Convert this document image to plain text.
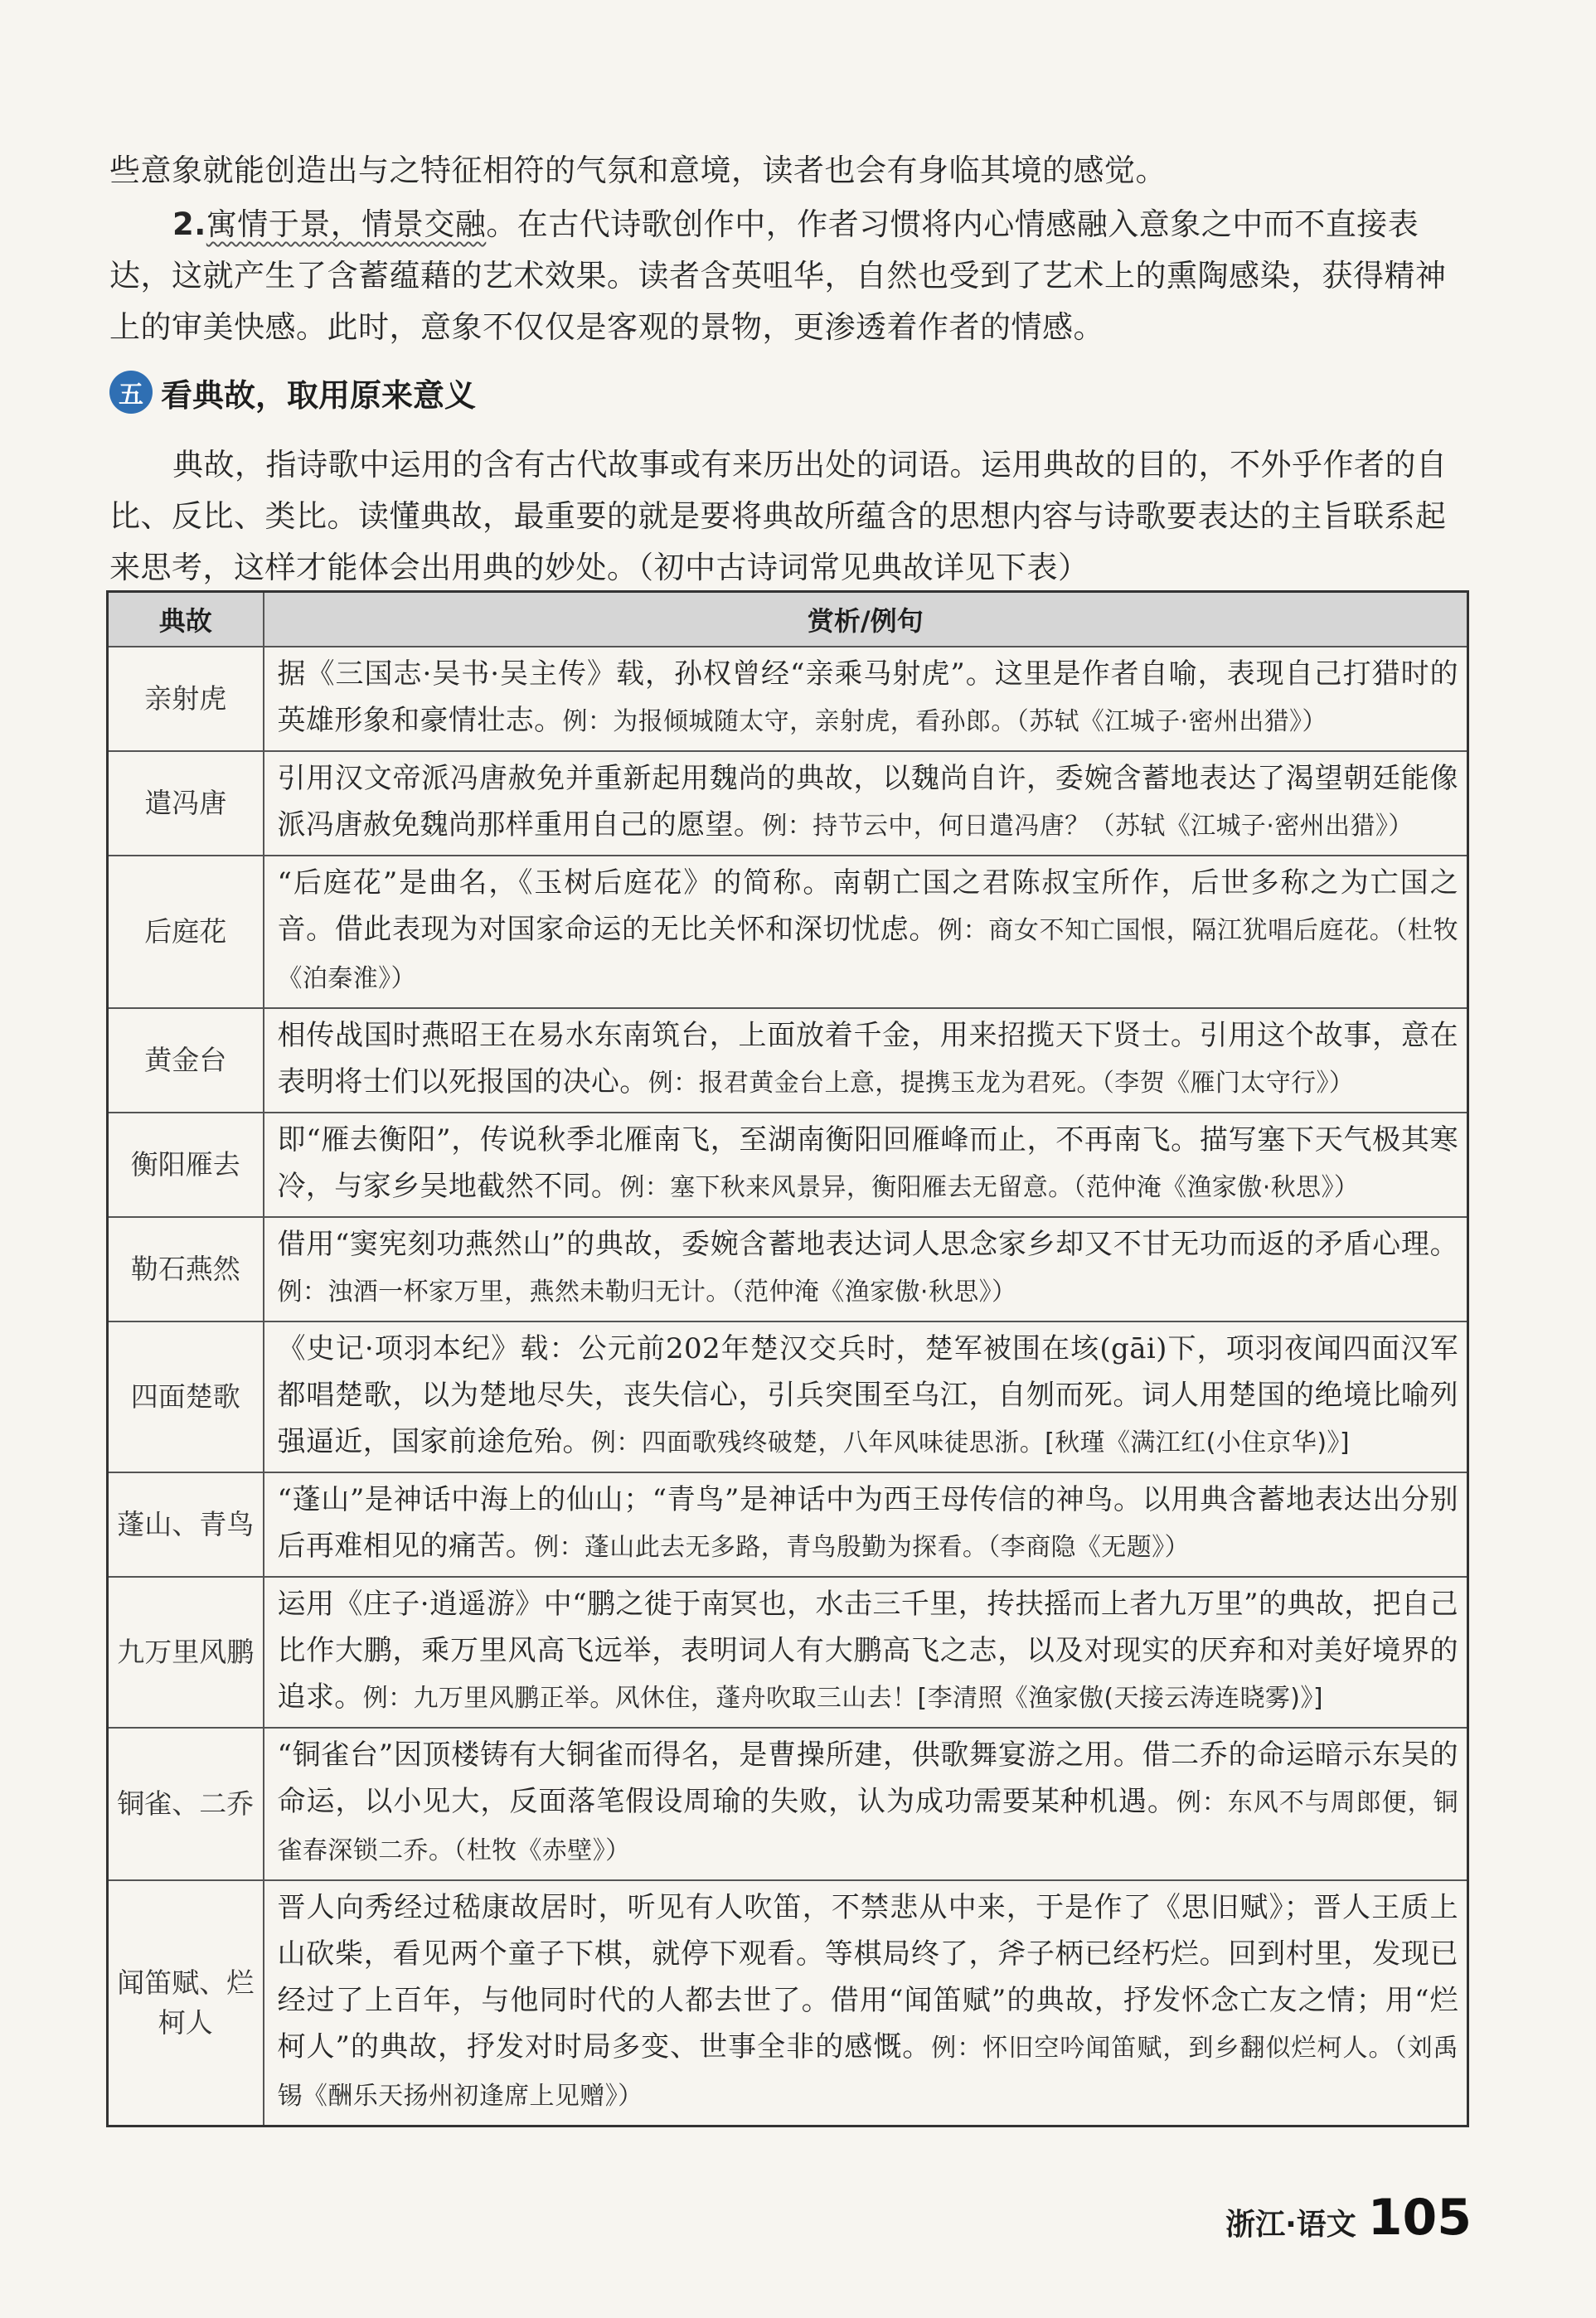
些意象就能创造出与之特征相符的气氛和意境，读者也会有身临其境的感觉。

2.寓情于景，情景交融。在古代诗歌创作中，作者习惯将内心情感融入意象之中而不直接表达，这就产生了含蓄蕴藉的艺术效果。读者含英咀华，自然也受到了艺术上的熏陶感染，获得精神上的审美快感。此时，意象不仅仅是客观的景物，更渗透着作者的情感。

五 看典故，取用原来意义

典故，指诗歌中运用的含有古代故事或有来历出处的词语。运用典故的目的，不外乎作者的自比、反比、类比。读懂典故，最重要的就是要将典故所蕴含的思想内容与诗歌要表达的主旨联系起来思考，这样才能体会出用典的妙处。（初中古诗词常见典故详见下表）

典故	赏析/例句
亲射虎	据《三国志·吴书·吴主传》载，孙权曾经“亲乘马射虎”。这里是作者自喻，表现自己打猎时的英雄形象和豪情壮志。例：为报倾城随太守，亲射虎，看孙郎。（苏轼《江城子·密州出猎》）
遣冯唐	引用汉文帝派冯唐赦免并重新起用魏尚的典故，以魏尚自许，委婉含蓄地表达了渴望朝廷能像派冯唐赦免魏尚那样重用自己的愿望。例：持节云中，何日遣冯唐？（苏轼《江城子·密州出猎》）
后庭花	“后庭花”是曲名，《玉树后庭花》的简称。南朝亡国之君陈叔宝所作，后世多称之为亡国之音。借此表现为对国家命运的无比关怀和深切忧虑。例：商女不知亡国恨，隔江犹唱后庭花。（杜牧《泊秦淮》）
黄金台	相传战国时燕昭王在易水东南筑台，上面放着千金，用来招揽天下贤士。引用这个故事，意在表明将士们以死报国的决心。例：报君黄金台上意，提携玉龙为君死。（李贺《雁门太守行》）
衡阳雁去	即“雁去衡阳”，传说秋季北雁南飞，至湖南衡阳回雁峰而止，不再南飞。描写塞下天气极其寒冷，与家乡吴地截然不同。例：塞下秋来风景异，衡阳雁去无留意。（范仲淹《渔家傲·秋思》）
勒石燕然	借用“窦宪刻功燕然山”的典故，委婉含蓄地表达词人思念家乡却又不甘无功而返的矛盾心理。例：浊酒一杯家万里，燕然未勒归无计。（范仲淹《渔家傲·秋思》）
四面楚歌	《史记·项羽本纪》载：公元前202年楚汉交兵时，楚军被围在垓(gāi)下，项羽夜闻四面汉军都唱楚歌，以为楚地尽失，丧失信心，引兵突围至乌江，自刎而死。词人用楚国的绝境比喻列强逼近，国家前途危殆。例：四面歌残终破楚，八年风味徒思浙。[秋瑾《满江红(小住京华)》]
蓬山、青鸟	“蓬山”是神话中海上的仙山；“青鸟”是神话中为西王母传信的神鸟。以用典含蓄地表达出分别后再难相见的痛苦。例：蓬山此去无多路，青鸟殷勤为探看。（李商隐《无题》）
九万里风鹏	运用《庄子·逍遥游》中“鹏之徙于南冥也，水击三千里，抟扶摇而上者九万里”的典故，把自己比作大鹏，乘万里风高飞远举，表明词人有大鹏高飞之志，以及对现实的厌弃和对美好境界的追求。例：九万里风鹏正举。风休住，蓬舟吹取三山去！[李清照《渔家傲(天接云涛连晓雾)》]
铜雀、二乔	“铜雀台”因顶楼铸有大铜雀而得名，是曹操所建，供歌舞宴游之用。借二乔的命运暗示东吴的命运，以小见大，反面落笔假设周瑜的失败，认为成功需要某种机遇。例：东风不与周郎便，铜雀春深锁二乔。（杜牧《赤壁》）
闻笛赋、烂柯人	晋人向秀经过嵇康故居时，听见有人吹笛，不禁悲从中来，于是作了《思旧赋》；晋人王质上山砍柴，看见两个童子下棋，就停下观看。等棋局终了，斧子柄已经朽烂。回到村里，发现已经过了上百年，与他同时代的人都去世了。借用“闻笛赋”的典故，抒发怀念亡友之情；用“烂柯人”的典故，抒发对时局多变、世事全非的感慨。例：怀旧空吟闻笛赋，到乡翻似烂柯人。（刘禹锡《酬乐天扬州初逢席上见赠》）
浙江·语文 105
